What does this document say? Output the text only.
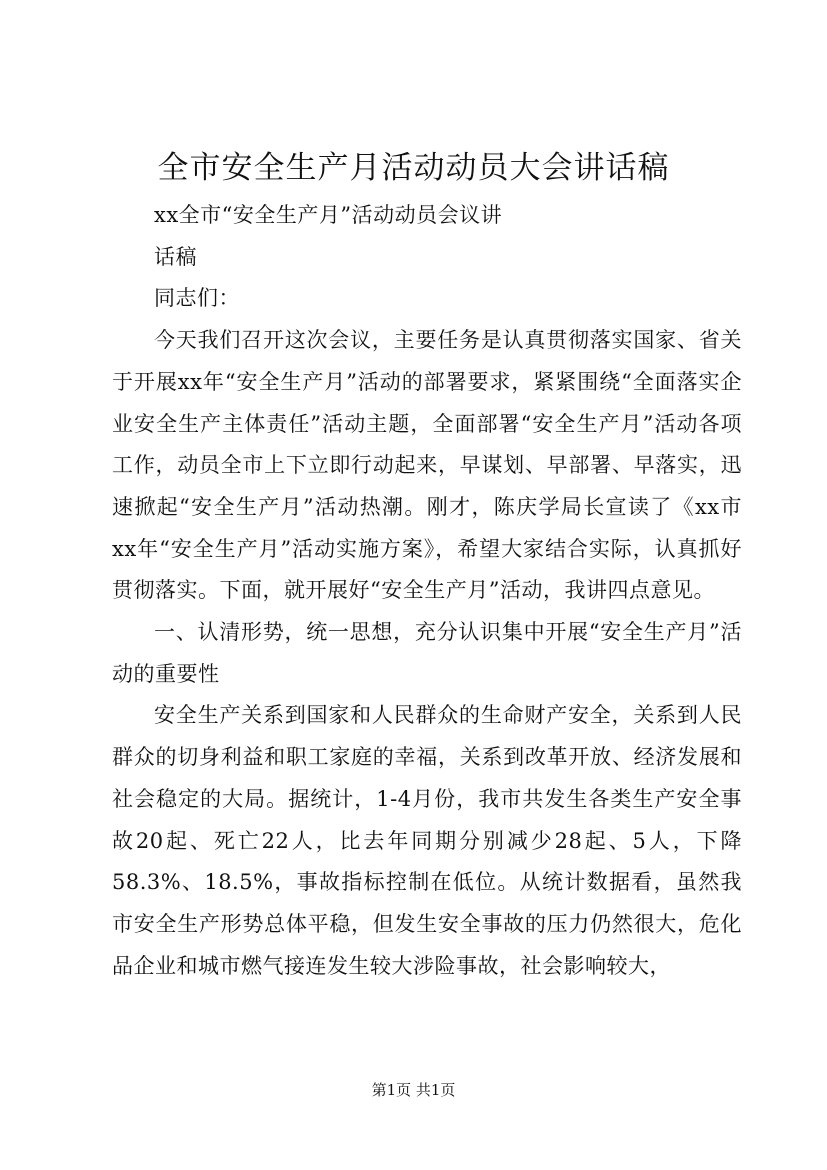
全市安全生产月活动动员大会讲话稿

xx全市“安全生产月”活动动员会议讲

话稿

同志们：

今天我们召开这次会议，主要任务是认真贯彻落实国家、省关于开展xx年“安全生产月”活动的部署要求，紧紧围绕“全面落实企业安全生产主体责任”活动主题，全面部署“安全生产月”活动各项工作，动员全市上下立即行动起来，早谋划、早部署、早落实，迅速掀起“安全生产月”活动热潮。刚才，陈庆学局长宣读了《xx市xx年“安全生产月”活动实施方案》，希望大家结合实际，认真抓好贯彻落实。下面，就开展好“安全生产月”活动，我讲四点意见。

一、认清形势，统一思想，充分认识集中开展“安全生产月”活动的重要性

安全生产关系到国家和人民群众的生命财产安全，关系到人民群众的切身利益和职工家庭的幸福，关系到改革开放、经济发展和社会稳定的大局。据统计，1-4月份，我市共发生各类生产安全事故20起、死亡22人，比去年同期分别减少28起、5人，下降58.3%、18.5%，事故指标控制在低位。从统计数据看，虽然我市安全生产形势总体平稳，但发生安全事故的压力仍然很大，危化品企业和城市燃气接连发生较大涉险事故，社会影响较大，

第1页 共1页
